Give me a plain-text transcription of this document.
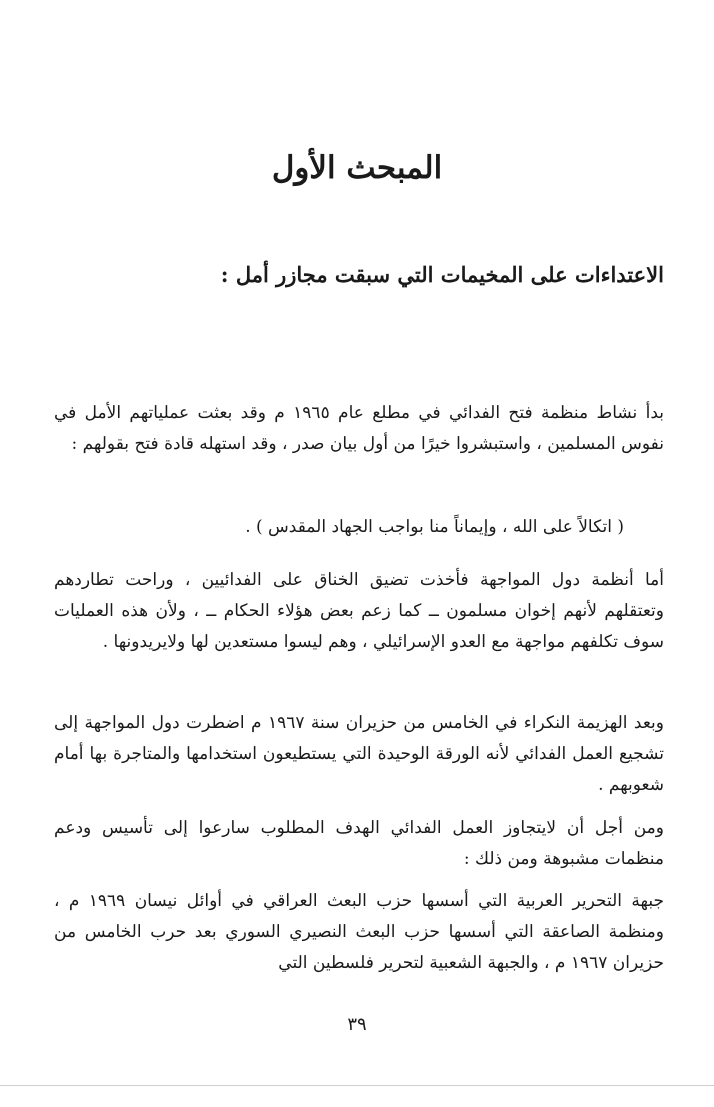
المبحث الأول
الاعتداءات على المخيمات التي سبقت مجازر أمل :

بدأ نشاط منظمة فتح الفدائي في مطلع عام ١٩٦٥ م وقد بعثت عملياتهم الأمل في نفوس المسلمين ، واستبشروا خيرًا من أول بيان صدر ، وقد استهله قادة فتح بقولهم :

( اتكالاً على الله ، وإيماناً منا بواجب الجهاد المقدس ) .

أما أنظمة دول المواجهة فأخذت تضيق الخناق على الفدائيين ، وراحت تطاردهم وتعتقلهم لأنهم إخوان مسلمون ــ كما زعم بعض هؤلاء الحكام ــ ، ولأن هذه العمليات سوف تكلفهم مواجهة مع العدو الإسرائيلي ، وهم ليسوا مستعدين لها ولايريدونها .

وبعد الهزيمة النكراء في الخامس من حزيران سنة ١٩٦٧ م اضطرت دول المواجهة إلى تشجيع العمل الفدائي لأنه الورقة الوحيدة التي يستطيعون استخدامها والمتاجرة بها أمام شعوبهم .

ومن أجل أن لايتجاوز العمل الفدائي الهدف المطلوب سارعوا إلى تأسيس ودعم منظمات مشبوهة ومن ذلك :

جبهة التحرير العربية التي أسسها حزب البعث العراقي في أوائل نيسان ١٩٦٩ م ، ومنظمة الصاعقة التي أسسها حزب البعث النصيري السوري بعد حرب الخامس من حزيران ١٩٦٧ م ، والجبهة الشعبية لتحرير فلسطين التي

٣٩
